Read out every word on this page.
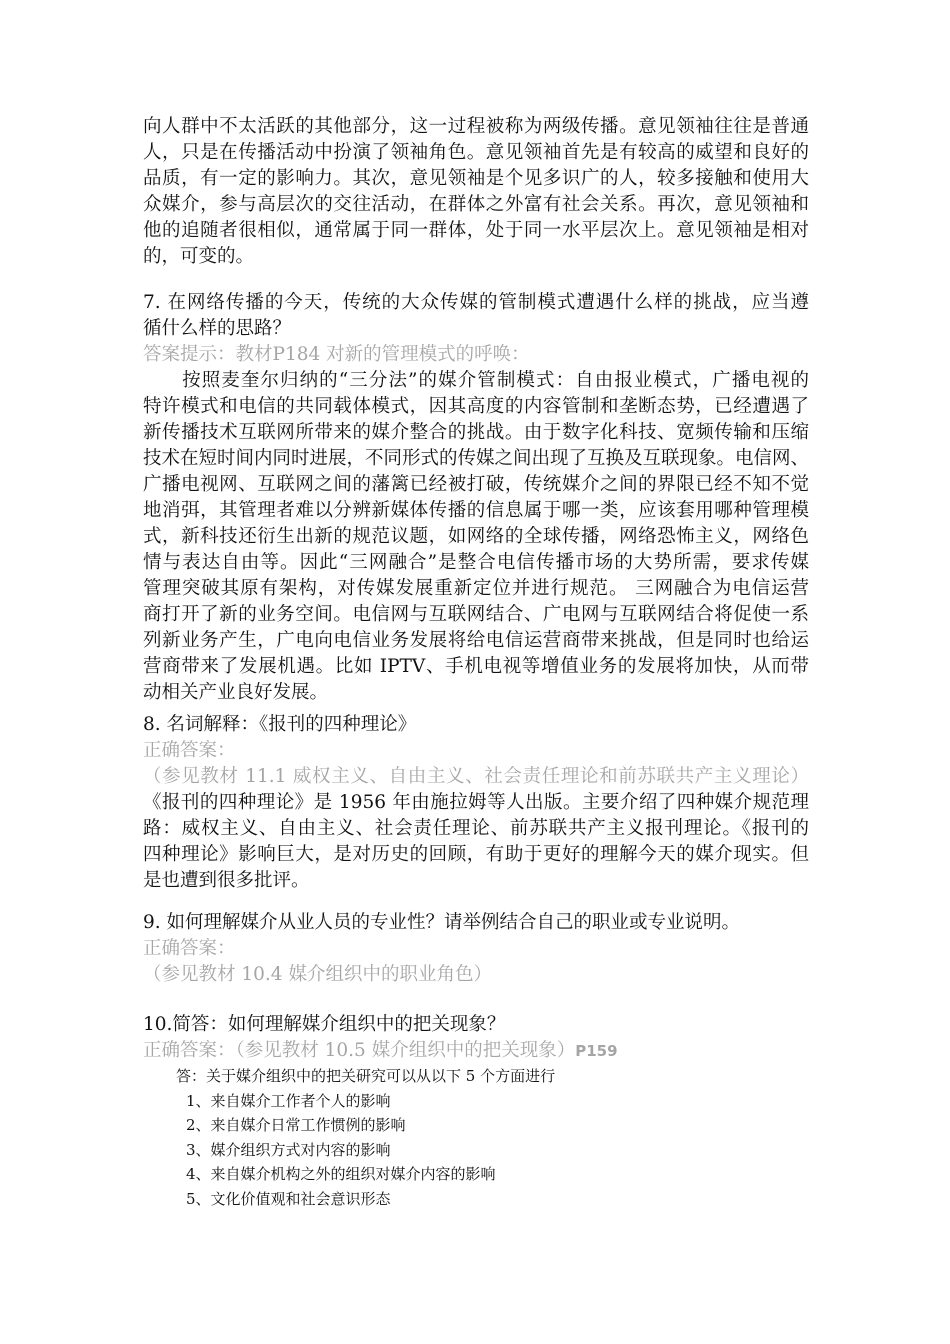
向人群中不太活跃的其他部分，这一过程被称为两级传播。意见领袖往往是普通
人，只是在传播活动中扮演了领袖角色。意见领袖首先是有较高的威望和良好的
品质，有一定的影响力。其次，意见领袖是个见多识广的人，较多接触和使用大
众媒介，参与高层次的交往活动，在群体之外富有社会关系。再次，意见领袖和
他的追随者很相似，通常属于同一群体，处于同一水平层次上。意见领袖是相对
的，可变的。
7. 在网络传播的今天，传统的大众传媒的管制模式遭遇什么样的挑战，应当遵
循什么样的思路？
答案提示：教材P184 对新的管理模式的呼唤：
　　按照麦奎尔归纳的“三分法”的媒介管制模式：自由报业模式，广播电视的
特许模式和电信的共同载体模式，因其高度的内容管制和垄断态势，已经遭遇了
新传播技术互联网所带来的媒介整合的挑战。由于数字化科技、宽频传输和压缩
技术在短时间内同时进展，不同形式的传媒之间出现了互换及互联现象。电信网、
广播电视网、互联网之间的藩篱已经被打破，传统媒介之间的界限已经不知不觉
地消弭，其管理者难以分辨新媒体传播的信息属于哪一类，应该套用哪种管理模
式，新科技还衍生出新的规范议题，如网络的全球传播，网络恐怖主义，网络色
情与表达自由等。因此“三网融合”是整合电信传播市场的大势所需，要求传媒
管理突破其原有架构，对传媒发展重新定位并进行规范。 三网融合为电信运营
商打开了新的业务空间。电信网与互联网结合、广电网与互联网结合将促使一系
列新业务产生，广电向电信业务发展将给电信运营商带来挑战，但是同时也给运
营商带来了发展机遇。比如 IPTV、手机电视等增值业务的发展将加快，从而带
动相关产业良好发展。
8. 名词解释：《报刊的四种理论》
正确答案：
（参见教材 11.1 威权主义、自由主义、社会责任理论和前苏联共产主义理论）
《报刊的四种理论》是 1956 年由施拉姆等人出版。主要介绍了四种媒介规范理
路：威权主义、自由主义、社会责任理论、前苏联共产主义报刊理论。《报刊的
四种理论》影响巨大，是对历史的回顾，有助于更好的理解今天的媒介现实。但
是也遭到很多批评。
9. 如何理解媒介从业人员的专业性？请举例结合自己的职业或专业说明。
正确答案：
（参见教材 10.4 媒介组织中的职业角色）
10.简答：如何理解媒介组织中的把关现象？
正确答案：（参见教材 10.5 媒介组织中的把关现象）P159
答：关于媒介组织中的把关研究可以从以下 5 个方面进行
1、来自媒介工作者个人的影响
2、来自媒介日常工作惯例的影响
3、媒介组织方式对内容的影响
4、来自媒介机构之外的组织对媒介内容的影响
5、文化价值观和社会意识形态
